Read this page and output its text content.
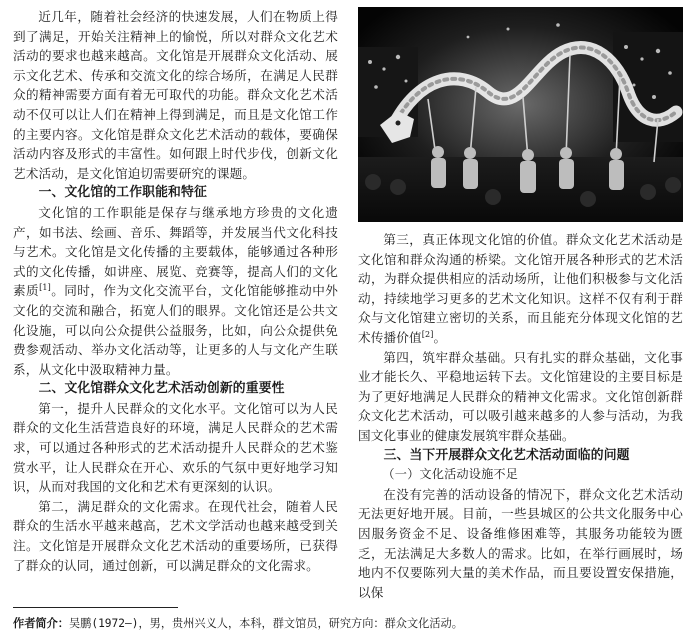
近几年，随着社会经济的快速发展，人们在物质上得到了满足，开始关注精神上的愉悦，所以对群众文化艺术活动的要求也越来越高。文化馆是开展群众文化活动、展示文化艺术、传承和交流文化的综合场所，在满足人民群众的精神需要方面有着无可取代的功能。群众文化艺术活动不仅可以让人们在精神上得到满足，而且是文化馆工作的主要内容。文化馆是群众文化艺术活动的载体，要确保活动内容及形式的丰富性。如何跟上时代步伐，创新文化艺术活动，是文化馆迫切需要研究的课题。

一、文化馆的工作职能和特征

文化馆的工作职能是保存与继承地方珍贵的文化遗产，如书法、绘画、音乐、舞蹈等，并发展当代文化科技与艺术。文化馆是文化传播的主要载体，能够通过各种形式的文化传播，如讲座、展览、竞赛等，提高人们的文化素质[1]。同时，作为文化交流平台，文化馆能够推动中外文化的交流和融合，拓宽人们的眼界。文化馆还是公共文化设施，可以向公众提供公益服务，比如，向公众提供免费参观活动、举办文化活动等，让更多的人与文化产生联系，从文化中汲取精神力量。

二、文化馆群众文化艺术活动创新的重要性

第一，提升人民群众的文化水平。文化馆可以为人民群众的文化生活营造良好的环境，满足人民群众的艺术需求，可以通过各种形式的艺术活动提升人民群众的艺术鉴赏水平，让人民群众在开心、欢乐的气氛中更好地学习知识，从而对我国的文化和艺术有更深刻的认识。

第二，满足群众的文化需求。在现代社会，随着人民群众的生活水平越来越高，艺术文学活动也越来越受到关注。文化馆是开展群众文化艺术活动的重要场所，已获得了群众的认同，通过创新，可以满足群众的文化需求。

第三，真正体现文化馆的价值。群众文化艺术活动是文化馆和群众沟通的桥梁。文化馆开展各种形式的艺术活动，为群众提供相应的活动场所，让他们积极参与文化活动，持续地学习更多的艺术文化知识。这样不仅有利于群众与文化馆建立密切的关系，而且能充分体现文化馆的艺术传播价值[2]。

第四，筑牢群众基础。只有扎实的群众基础，文化事业才能长久、平稳地运转下去。文化馆建设的主要目标是为了更好地满足人民群众的精神文化需求。文化馆创新群众文化艺术活动，可以吸引越来越多的人参与活动，为我国文化事业的健康发展筑牢群众基础。

三、当下开展群众文化艺术活动面临的问题
（一）文化活动设施不足

在没有完善的活动设备的情况下，群众文化艺术活动无法更好地开展。目前，一些县城区的公共文化服务中心因服务资金不足、设备维修困难等，其服务功能较为匮乏，无法满足大多数人的需求。比如，在举行画展时，场地内不仅要陈列大量的美术作品，而且要设置安保措施，以保

作者简介：吴鹏(1972—)，男，贵州兴义人，本科，群文馆员，研究方向：群众文化活动。
